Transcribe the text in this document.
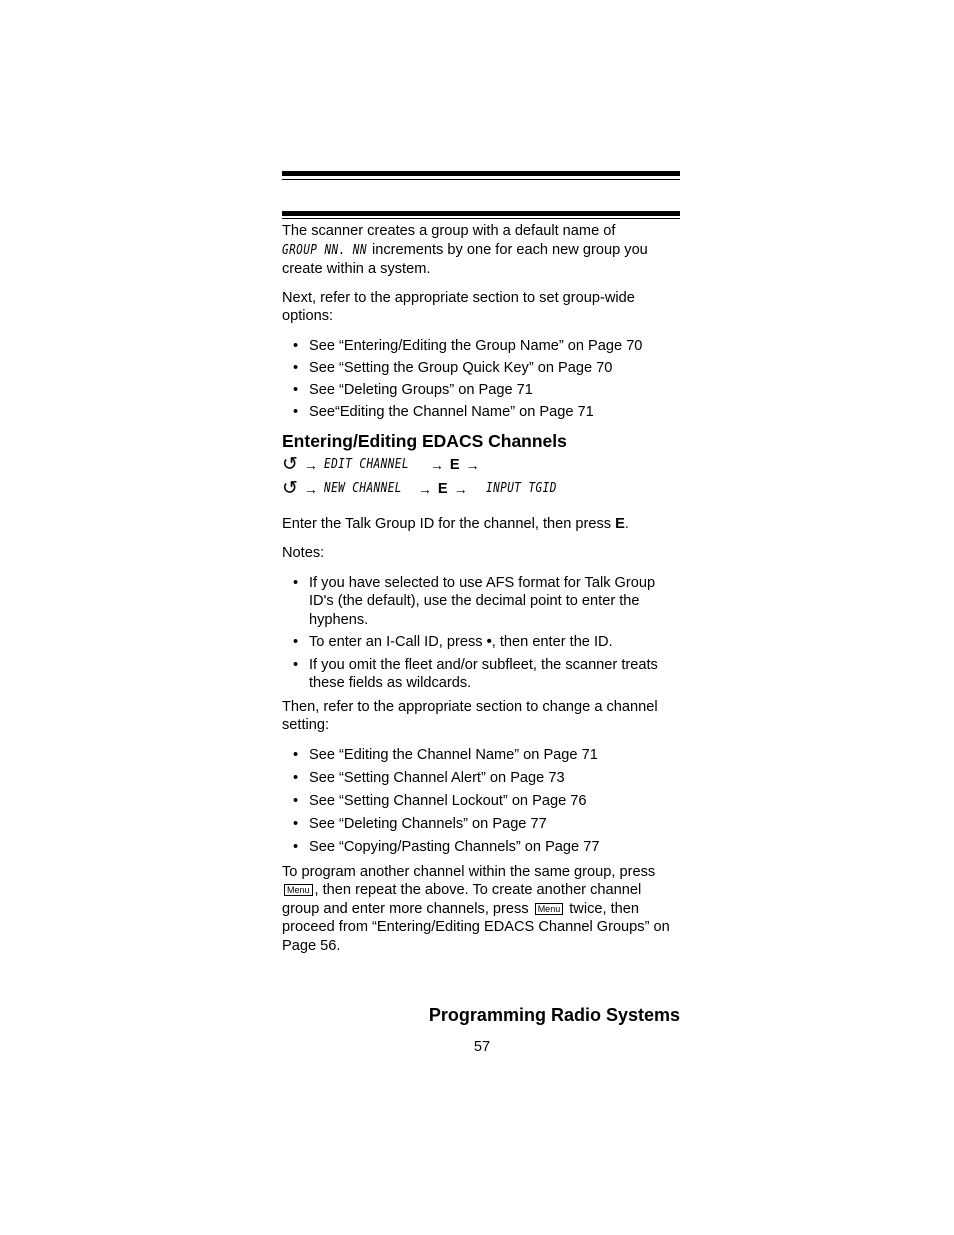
The scanner creates a group with a default name of
GROUP NN. NN increments by one for each new group you create within a system.

Next, refer to the appropriate section to set group-wide options:

• See “Entering/Editing the Group Name” on Page 70
• See “Setting the Group Quick Key” on Page 70
• See “Deleting Groups” on Page 71
• See“Editing the Channel Name” on Page 71
Entering/Editing EDACS Channels
↺ → EDIT CHANNEL → E →
↺ → NEW CHANNEL → E → INPUT TGID

Enter the Talk Group ID for the channel, then press E.

Notes:

• If you have selected to use AFS format for Talk Group ID's (the default), use the decimal point to enter the hyphens.
• To enter an I-Call ID, press •, then enter the ID.
• If you omit the fleet and/or subfleet, the scanner treats these fields as wildcards.

Then, refer to the appropriate section to change a channel setting:

• See “Editing the Channel Name” on Page 71
• See “Setting Channel Alert” on Page 73
• See “Setting Channel Lockout” on Page 76
• See “Deleting Channels” on Page 77
• See “Copying/Pasting Channels” on Page 77

To program another channel within the same group, press Menu , then repeat the above. To create another channel group and enter more channels, press Menu twice, then proceed from “Entering/Editing EDACS Channel Groups” on Page 56.

Programming Radio Systems
57
